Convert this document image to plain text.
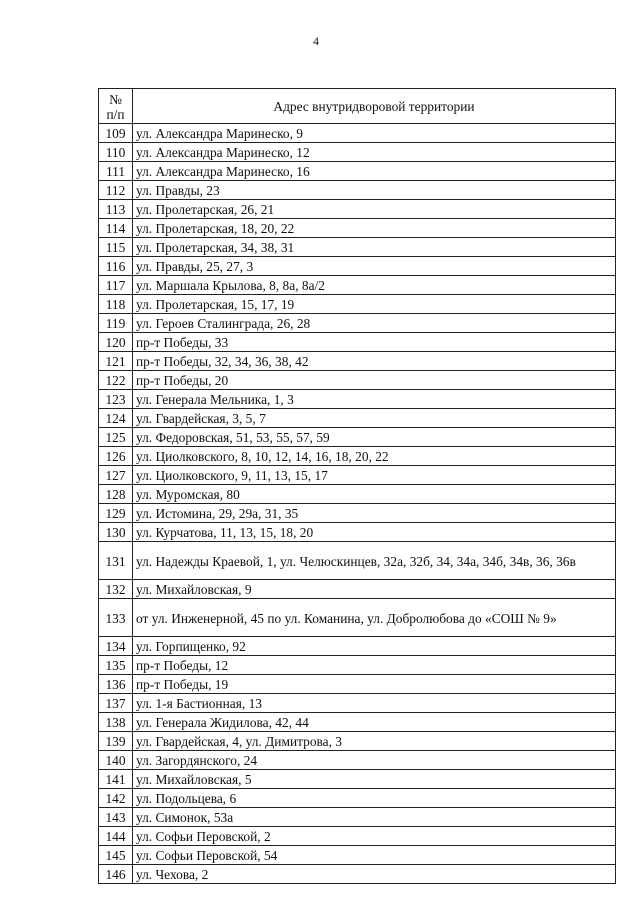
4
№
п/п	Адрес внутридворовой территории
109	ул. Александра Маринеско, 9
110	ул. Александра Маринеско, 12
111	ул. Александра Маринеско, 16
112	ул. Правды, 23
113	ул. Пролетарская, 26, 21
114	ул. Пролетарская, 18, 20, 22
115	ул. Пролетарская, 34, 38, 31
116	ул. Правды, 25, 27, 3
117	ул. Маршала Крылова, 8, 8а, 8а/2
118	ул. Пролетарская, 15, 17, 19
119	ул. Героев Сталинграда, 26, 28
120	пр-т Победы, 33
121	пр-т Победы, 32, 34, 36, 38, 42
122	пр-т Победы, 20
123	ул. Генерала Мельника, 1, 3
124	ул. Гвардейская, 3, 5, 7
125	ул. Федоровская, 51, 53, 55, 57, 59
126	ул. Циолковского, 8, 10, 12, 14, 16, 18, 20, 22
127	ул. Циолковского, 9, 11, 13, 15, 17
128	ул. Муромская, 80
129	ул. Истомина, 29, 29а, 31, 35
130	ул. Курчатова, 11, 13, 15, 18, 20
131	ул. Надежды Краевой, 1, ул. Челюскинцев, 32а, 32б, 34, 34а, 34б, 34в, 36, 36в
132	ул. Михайловская, 9
133	от ул. Инженерной, 45 по ул. Команина, ул. Добролюбова до «СОШ № 9»
134	ул. Горпищенко, 92
135	пр-т Победы, 12
136	пр-т Победы, 19
137	ул. 1-я Бастионная, 13
138	ул. Генерала Жидилова, 42, 44
139	ул. Гвардейская, 4, ул. Димитрова, 3
140	ул. Загордянского, 24
141	ул. Михайловская, 5
142	ул. Подольцева, 6
143	ул. Симонок, 53а
144	ул. Софьи Перовской, 2
145	ул. Софьи Перовской, 54
146	ул. Чехова, 2
